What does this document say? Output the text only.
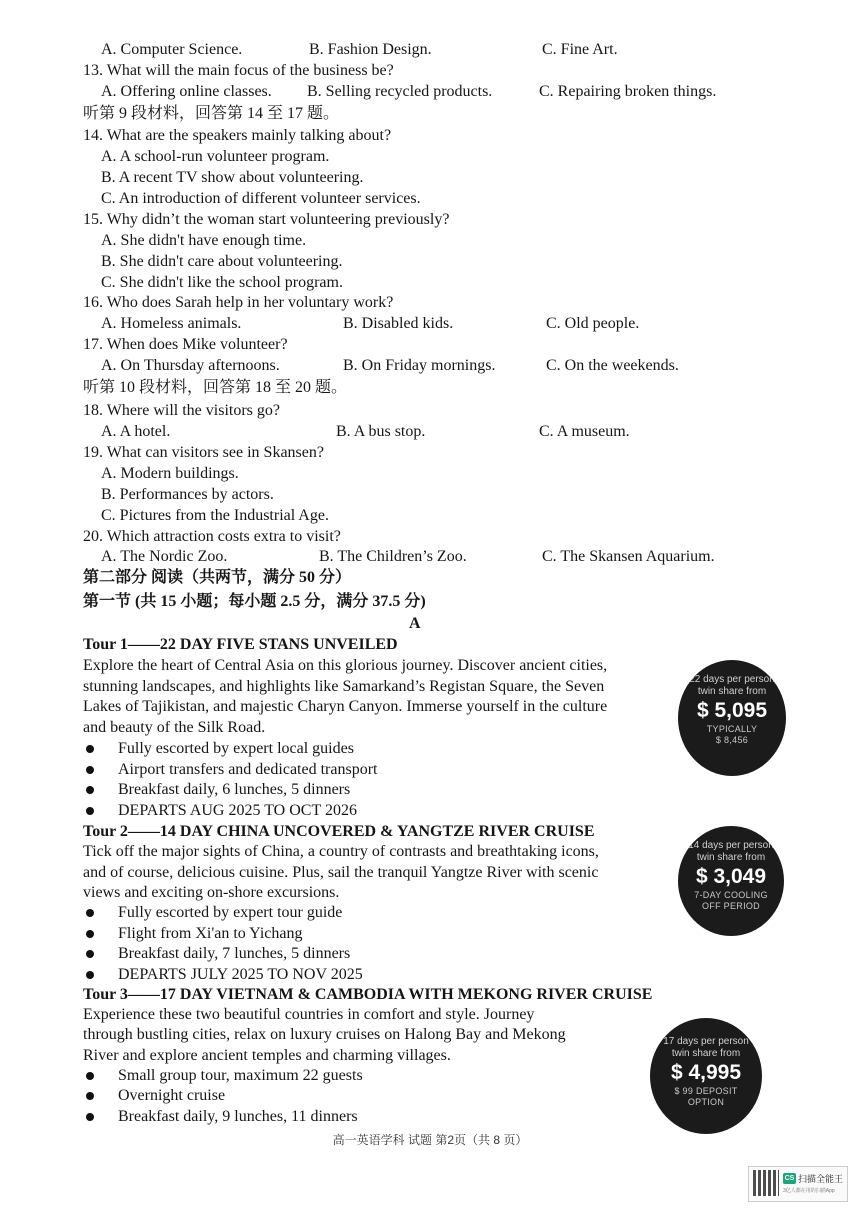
A. Computer Science.	B. Fashion Design.	C. Fine Art.
13. What will the main focus of the business be?
A. Offering online classes. B. Selling recycled products.	C. Repairing broken things.
听第 9 段材料，回答第 14 至 17 题。
14. What are the speakers mainly talking about?
A. A school-run volunteer program.
B. A recent TV show about volunteering.
C. An introduction of different volunteer services.
15. Why didn’t the woman start volunteering previously?
A. She didn't have enough time.
B. She didn't care about volunteering.
C. She didn't like the school program.
16. Who does Sarah help in her voluntary work?
A. Homeless animals.	B. Disabled kids.	C. Old people.
17. When does Mike volunteer?
A. On Thursday afternoons.	B. On Friday mornings.	C. On the weekends.
听第 10 段材料，回答第 18 至 20 题。
18. Where will the visitors go?
A. A hotel.	B. A bus stop.	C. A museum.
19. What can visitors see in Skansen?
A. Modern buildings.
B. Performances by actors.
C. Pictures from the Industrial Age.
20. Which attraction costs extra to visit?
A. The Nordic Zoo.	B. The Children’s Zoo.	C. The Skansen Aquarium.
第二部分 阅读（共两节，满分 50 分）
第一节 (共 15 小题；每小题 2.5 分，满分 37.5 分)
A
Tour 1——22 DAY FIVE STANS UNVEILED
Explore the heart of Central Asia on this glorious journey. Discover ancient cities,
stunning landscapes, and highlights like Samarkand’s Registan Square, the Seven
Lakes of Tajikistan, and majestic Charyn Canyon. Immerse yourself in the culture
and beauty of the Silk Road.
Fully escorted by expert local guides
Airport transfers and dedicated transport
Breakfast daily, 6 lunches, 5 dinners
DEPARTS AUG 2025 TO OCT 2026
22 days per person
twin share from
$ 5,095
TYPICALLY
$ 8,456
Tour 2——14 DAY CHINA UNCOVERED & YANGTZE RIVER CRUISE
Tick off the major sights of China, a country of contrasts and breathtaking icons,
and of course, delicious cuisine. Plus, sail the tranquil Yangtze River with scenic
views and exciting on-shore excursions.
Fully escorted by expert tour guide
Flight from Xi'an to Yichang
Breakfast daily, 7 lunches, 5 dinners
DEPARTS JULY 2025 TO NOV 2025
14 days per person
twin share from
$ 3,049
7-DAY COOLING
OFF PERIOD
Tour 3——17 DAY VIETNAM & CAMBODIA WITH MEKONG RIVER CRUISE
Experience these two beautiful countries in comfort and style. Journey
through bustling cities, relax on luxury cruises on Halong Bay and Mekong
River and explore ancient temples and charming villages.
Small group tour, maximum 22 guests
Overnight cruise
Breakfast daily, 9 lunches, 11 dinners
17 days per person
twin share from
$ 4,995
$ 99 DEPOSIT
OPTION
高一英语学科 试题 第2页（共 8 页）
CS 扫描全能王
3亿人都在用的扫描App
